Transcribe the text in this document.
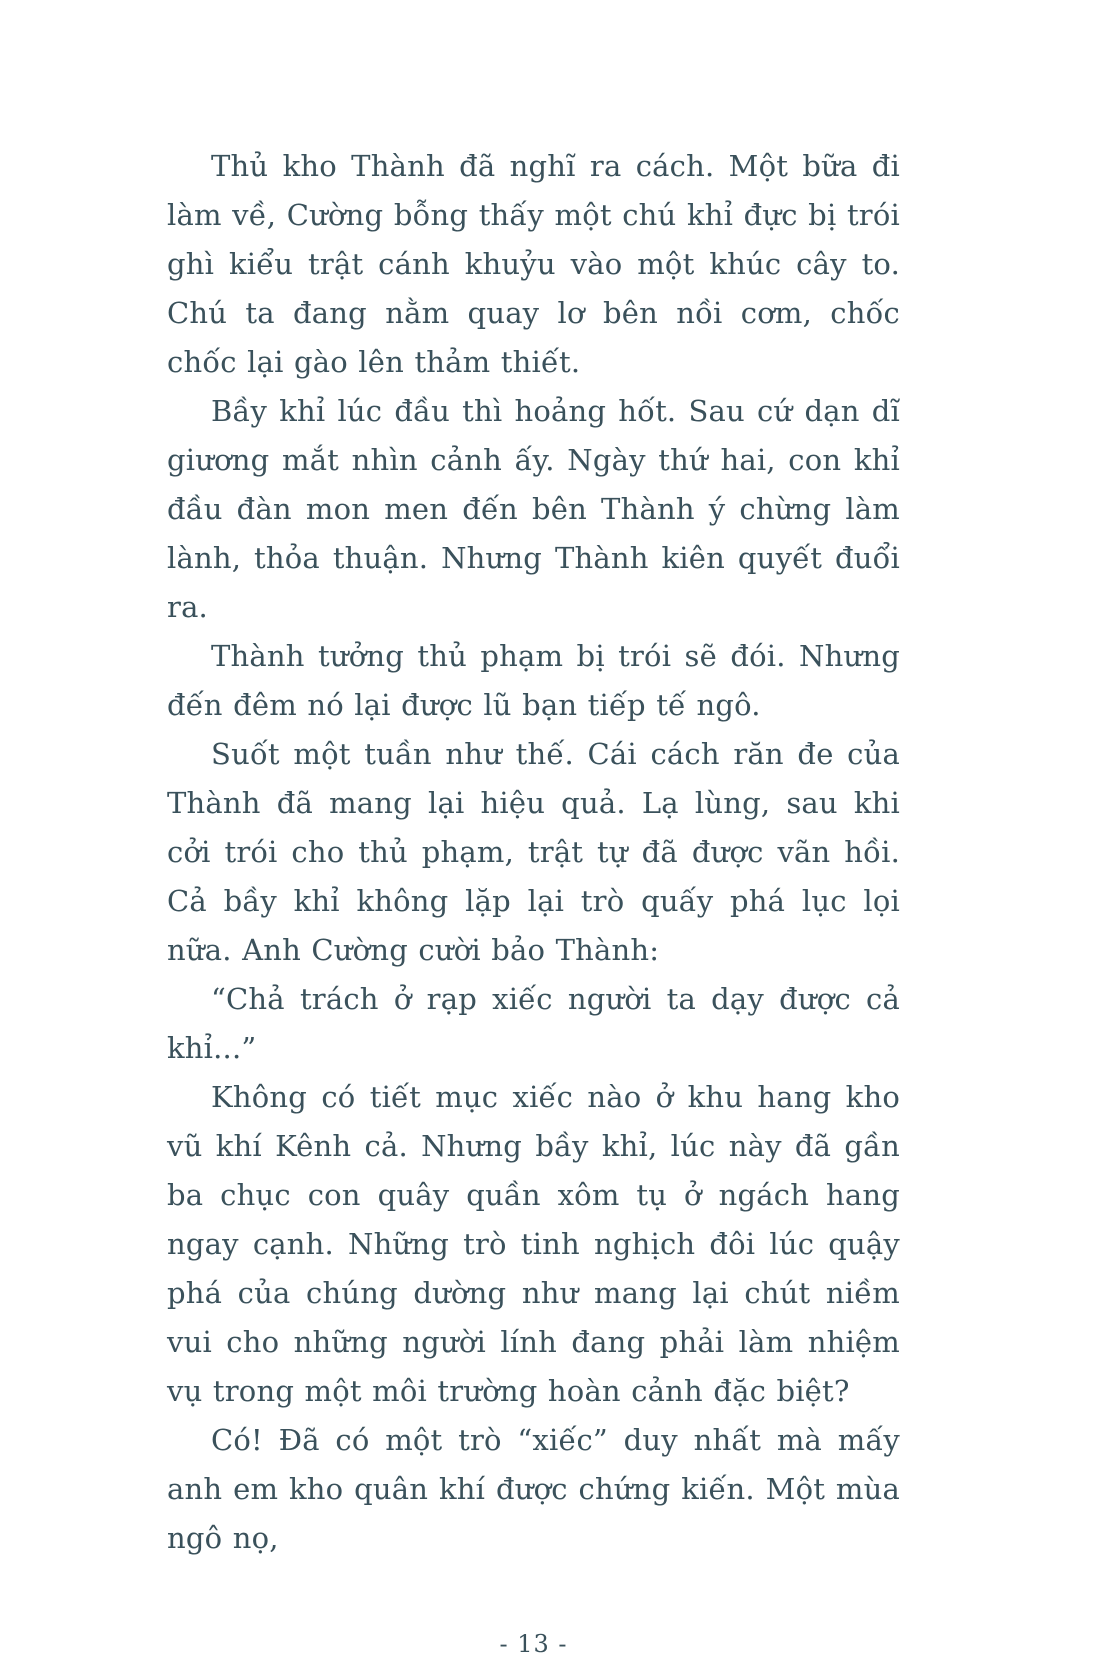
Thủ kho Thành đã nghĩ ra cách. Một bữa đi làm về, Cường bỗng thấy một chú khỉ đực bị trói ghì kiểu trật cánh khuỷu vào một khúc cây to. Chú ta đang nằm quay lơ bên nồi cơm, chốc chốc lại gào lên thảm thiết.

Bầy khỉ lúc đầu thì hoảng hốt. Sau cứ dạn dĩ giương mắt nhìn cảnh ấy. Ngày thứ hai, con khỉ đầu đàn mon men đến bên Thành ý chừng làm lành, thỏa thuận. Nhưng Thành kiên quyết đuổi ra.

Thành tưởng thủ phạm bị trói sẽ đói. Nhưng đến đêm nó lại được lũ bạn tiếp tế ngô.

Suốt một tuần như thế. Cái cách răn đe của Thành đã mang lại hiệu quả. Lạ lùng, sau khi cởi trói cho thủ phạm, trật tự đã được vãn hồi. Cả bầy khỉ không lặp lại trò quấy phá lục lọi nữa. Anh Cường cười bảo Thành:

“Chả trách ở rạp xiếc người ta dạy được cả khỉ...”

Không có tiết mục xiếc nào ở khu hang kho vũ khí Kênh cả. Nhưng bầy khỉ, lúc này đã gần ba chục con quây quần xôm tụ ở ngách hang ngay cạnh. Những trò tinh nghịch đôi lúc quậy phá của chúng dường như mang lại chút niềm vui cho những người lính đang phải làm nhiệm vụ trong một môi trường hoàn cảnh đặc biệt?

Có! Đã có một trò “xiếc” duy nhất mà mấy anh em kho quân khí được chứng kiến. Một mùa ngô nọ,

- 13 -
